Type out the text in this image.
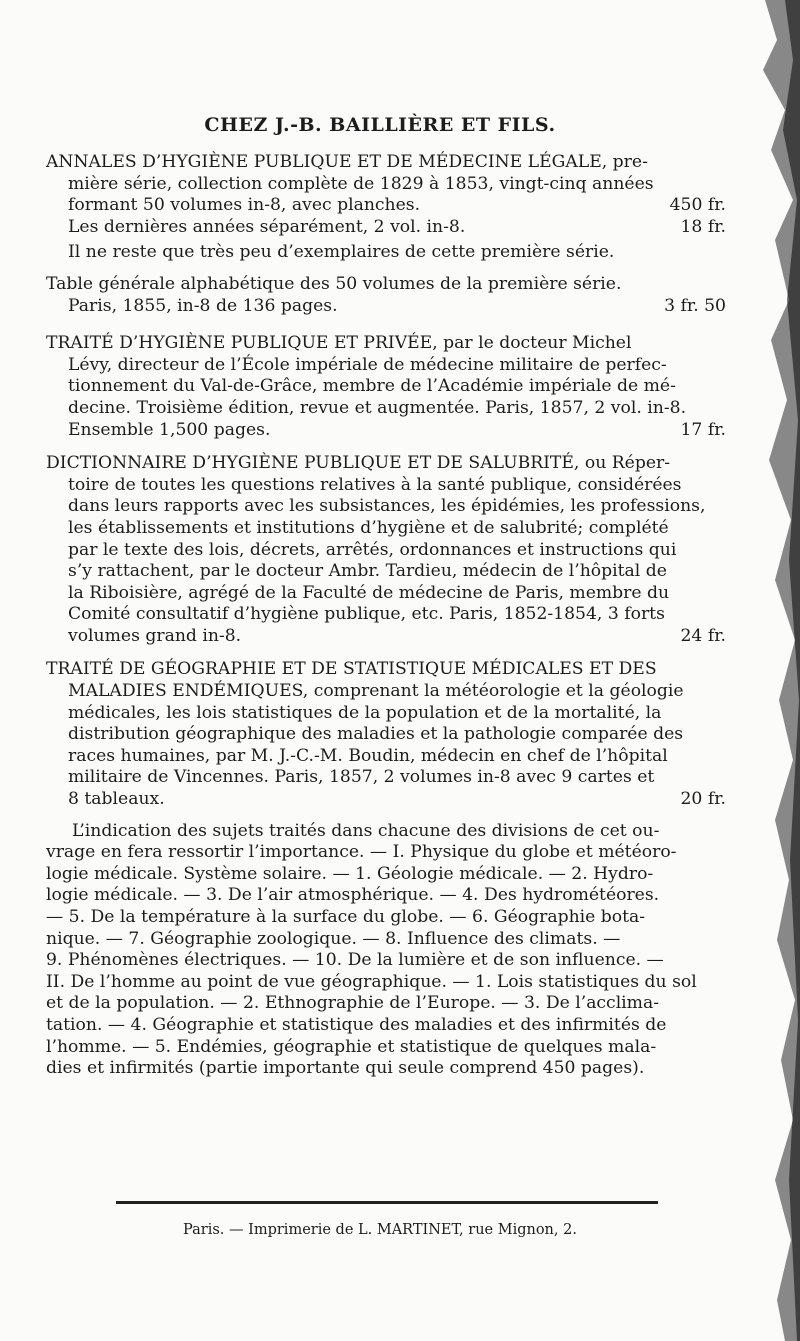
CHEZ J.-B. BAILLIÈRE ET FILS.
ANNALES D’HYGIÈNE PUBLIQUE ET DE MÉDECINE LÉGALE, pre-
mière série, collection complète de 1829 à 1853, vingt-cinq années
formant 50 volumes in-8, avec planches.	450 fr.
Les dernières années séparément, 2 vol. in-8.	18 fr.
Il ne reste que très peu d’exemplaires de cette première série.
Table générale alphabétique des 50 volumes de la première série.
Paris, 1855, in-8 de 136 pages.	3 fr. 50
TRAITÉ D’HYGIÈNE PUBLIQUE ET PRIVÉE, par le docteur Michel
Lévy, directeur de l’École impériale de médecine militaire de perfec-
tionnement du Val-de-Grâce, membre de l’Académie impériale de mé-
decine. Troisième édition, revue et augmentée. Paris, 1857, 2 vol. in-8.
Ensemble 1,500 pages.	17 fr.
DICTIONNAIRE D’HYGIÈNE PUBLIQUE ET DE SALUBRITÉ, ou Réper-
toire de toutes les questions relatives à la santé publique, considérées
dans leurs rapports avec les subsistances, les épidémies, les professions,
les établissements et institutions d’hygiène et de salubrité; complété
par le texte des lois, décrets, arrêtés, ordonnances et instructions qui
s’y rattachent, par le docteur Ambr. Tardieu, médecin de l’hôpital de
la Riboisière, agrégé de la Faculté de médecine de Paris, membre du
Comité consultatif d’hygiène publique, etc. Paris, 1852-1854, 3 forts
volumes grand in-8.	24 fr.
TRAITÉ DE GÉOGRAPHIE ET DE STATISTIQUE MÉDICALES ET DES
MALADIES ENDÉMIQUES, comprenant la météorologie et la géologie
médicales, les lois statistiques de la population et de la mortalité, la
distribution géographique des maladies et la pathologie comparée des
races humaines, par M. J.-C.-M. Boudin, médecin en chef de l’hôpital
militaire de Vincennes. Paris, 1857, 2 volumes in-8 avec 9 cartes et
8 tableaux.	20 fr.
L’indication des sujets traités dans chacune des divisions de cet ou-
vrage en fera ressortir l’importance. — I. Physique du globe et météoro-
logie médicale. Système solaire. — 1. Géologie médicale. — 2. Hydro-
logie médicale. — 3. De l’air atmosphérique. — 4. Des hydrométéores.
— 5. De la température à la surface du globe. — 6. Géographie bota-
nique. — 7. Géographie zoologique. — 8. Influence des climats. —
9. Phénomènes électriques. — 10. De la lumière et de son influence. —
II. De l’homme au point de vue géographique. — 1. Lois statistiques du sol
et de la population. — 2. Ethnographie de l’Europe. — 3. De l’acclima-
tation. — 4. Géographie et statistique des maladies et des infirmités de
l’homme. — 5. Endémies, géographie et statistique de quelques mala-
dies et infirmités (partie importante qui seule comprend 450 pages).
Paris. — Imprimerie de L. MARTINET, rue Mignon, 2.
